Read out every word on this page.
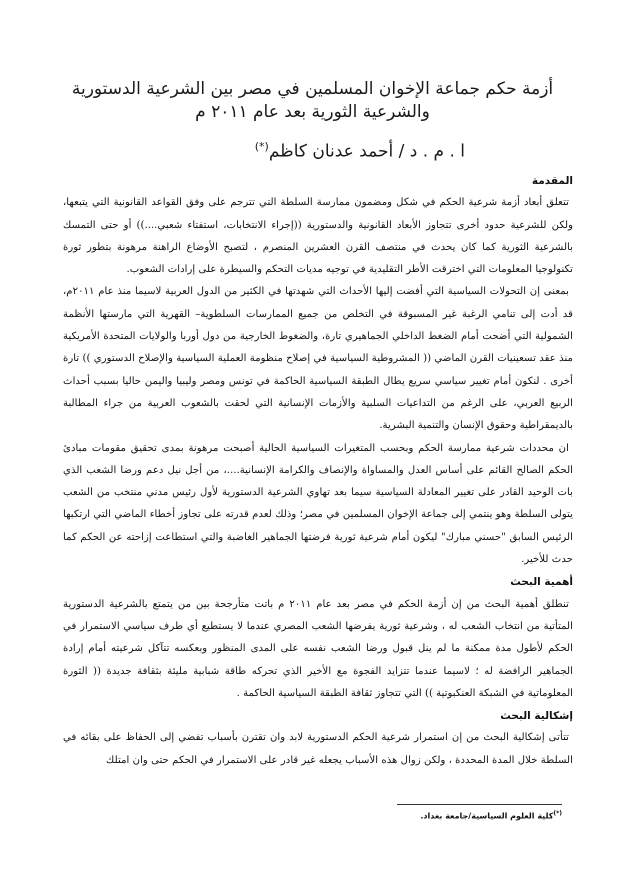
أزمة حكم جماعة الإخوان المسلمين في مصر بين الشرعية الدستورية
والشرعية الثورية بعد عام ٢٠١١ م

ا . م . د / أحمد عدنان كاظم(*)

المقدمة

تتعلق أبعاد أزمة شرعية الحكم في شكل ومضمون ممارسة السلطة التي تترجم على وفق القواعد القانونية التي يتبعها، ولكن للشرعية حدود أخرى تتجاوز الأبعاد القانونية والدستورية ((إجراء الانتخابات، استفتاء شعبي....)) أو حتى التمسك بالشرعية الثورية كما كان يحدث في منتصف القرن العشرين المنصرم ، لتصبح الأوضاع الراهنة مرهونة بتطور ثورة تكنولوجيا المعلومات التي اخترقت الأطر التقليدية في توجيه مديات التحكم والسيطرة على إرادات الشعوب.

بمعنى إن التحولات السياسية التي أفضت إليها الأحداث التي شهدتها في الكثير من الدول العربية لاسيما منذ عام ٢٠١١م، قد أدت إلى تنامي الرغبة غير المسبوقة في التخلص من جميع الممارسات السلطوية– القهرية التي مارستها الأنظمة الشمولية التي أضحت أمام الضغط الداخلي الجماهيري تارة، والضغوط الخارجية من دول أوربا والولايات المتحدة الأمريكية منذ عقد تسعينيات القرن الماضي (( المشروطية السياسية في إصلاح منظومة العملية السياسية والإصلاح الدستوري )) تارة أخرى . لنكون أمام تغيير سياسي سريع يطال الطبقة السياسية الحاكمة في تونس ومصر وليبيا واليمن حاليا بسبب أحداث الربيع العربي، على الرغم من التداعيات السلبية والأزمات الإنسانية التي لحقت بالشعوب العربية من جراء المطالبة بالديمقراطية وحقوق الإنسان والتنمية البشرية.

ان محددات شرعية ممارسة الحكم وبحسب المتغيرات السياسية الحالية أصبحت مرهونة بمدى تحقيق مقومات مبادئ الحكم الصالح القائم على أساس العدل والمساواة والإنصاف والكرامة الإنسانية....، من أجل نيل دعم ورضا الشعب الذي بات الوحيد القادر على تغيير المعادلة السياسية سيما بعد تهاوي الشرعية الدستورية لأول رئيس مدني منتخب من الشعب يتولى السلطة وهو ينتمي إلى جماعة الإخوان المسلمين في مصر؛ وذلك لعدم قدرته على تجاوز أخطاء الماضي التي ارتكبها الرئيس السابق "حسني مبارك" ليكون أمام شرعية ثورية فرضتها الجماهير الغاضبة والتي استطاعت إزاحته عن الحكم كما حدث للأخير.

أهمية البحث

تنطلق أهمية البحث من إن أزمة الحكم في مصر بعد عام ٢٠١١ م باتت متأرجحة بين من يتمتع بالشرعية الدستورية المتأتية من انتخاب الشعب له ، وشرعية ثورية يفرضها الشعب المصري عندما لا يستطيع أي طرف سياسي الاستمرار في الحكم لأطول مدة ممكنة ما لم ينل قبول ورضا الشعب نفسه على المدى المنظور وبعكسه تتآكل شرعيته أمام إرادة الجماهير الرافضة له ؛ لاسيما عندما تتزايد الفجوة مع الأخير الذي تحركه طاقة شبابية مليئة بثقافة جديدة (( الثورة المعلوماتية في الشبكة العنكبوتية )) التي تتجاوز ثقافة الطبقة السياسية الحاكمة .

إشكالية البحث

تتأتى إشكالية البحث من إن استمرار شرعية الحكم الدستورية لابد وان تقترن بأسباب تفضي إلى الحفاظ على بقائه في السلطة خلال المدة المحددة ، ولكن زوال هذه الأسباب يجعله غير قادر على الاستمرار في الحكم حتى وان امتلك

(*)كلية العلوم السياسية/جامعة بغداد.
